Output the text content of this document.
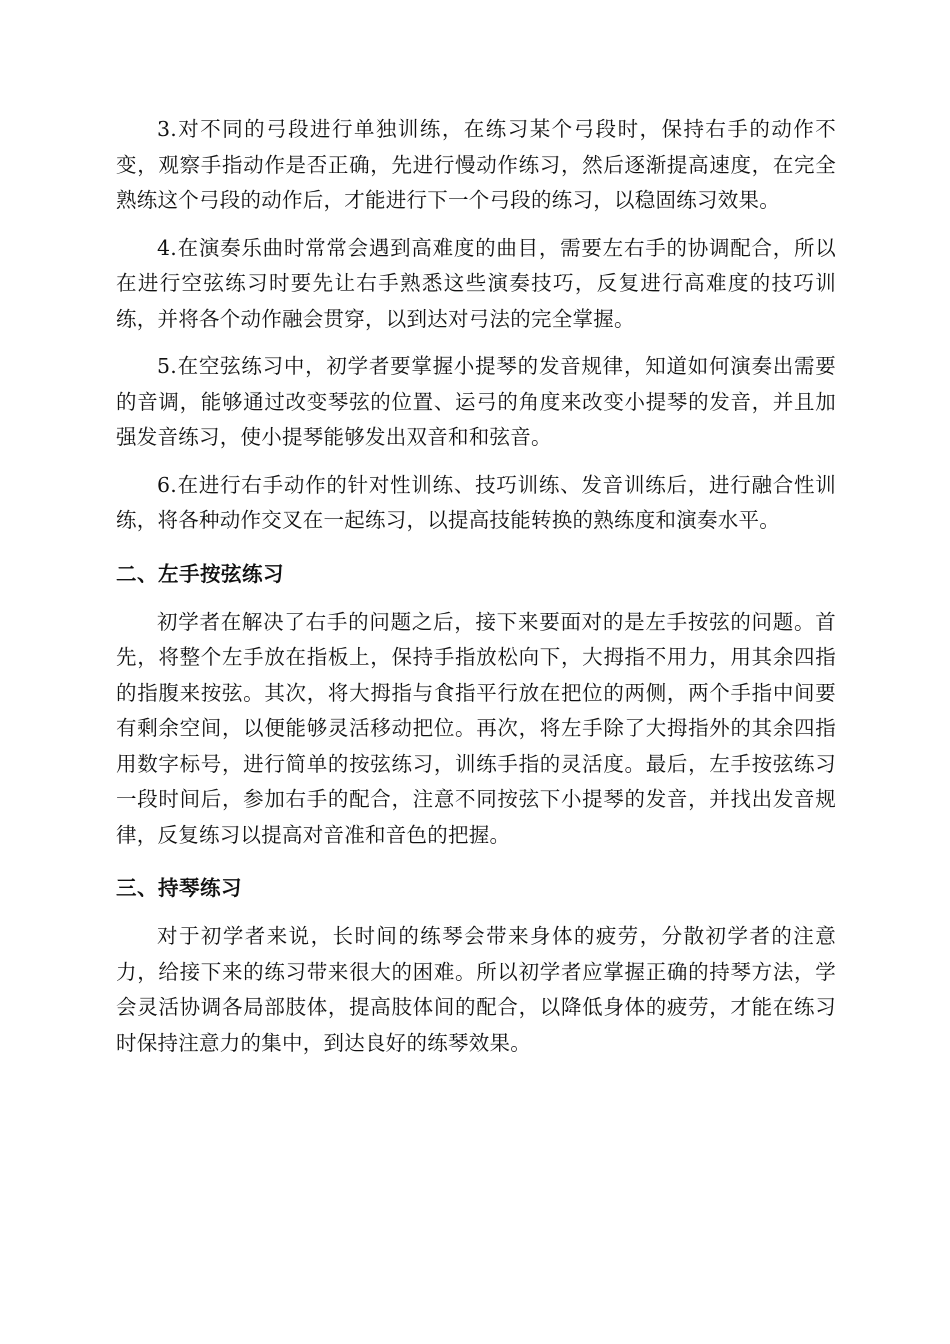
3.对不同的弓段进行单独训练，在练习某个弓段时，保持右手的动作不变，观察手指动作是否正确，先进行慢动作练习，然后逐渐提高速度，在完全熟练这个弓段的动作后，才能进行下一个弓段的练习，以稳固练习效果。

4.在演奏乐曲时常常会遇到高难度的曲目，需要左右手的协调配合，所以在进行空弦练习时要先让右手熟悉这些演奏技巧，反复进行高难度的技巧训练，并将各个动作融会贯穿，以到达对弓法的完全掌握。

5.在空弦练习中，初学者要掌握小提琴的发音规律，知道如何演奏出需要的音调，能够通过改变琴弦的位置、运弓的角度来改变小提琴的发音，并且加强发音练习，使小提琴能够发出双音和和弦音。

6.在进行右手动作的针对性训练、技巧训练、发音训练后，进行融合性训练，将各种动作交叉在一起练习，以提高技能转换的熟练度和演奏水平。

二、左手按弦练习

初学者在解决了右手的问题之后，接下来要面对的是左手按弦的问题。首先，将整个左手放在指板上，保持手指放松向下，大拇指不用力，用其余四指的指腹来按弦。其次，将大拇指与食指平行放在把位的两侧，两个手指中间要有剩余空间，以便能够灵活移动把位。再次，将左手除了大拇指外的其余四指用数字标号，进行简单的按弦练习，训练手指的灵活度。最后，左手按弦练习一段时间后，参加右手的配合，注意不同按弦下小提琴的发音，并找出发音规律，反复练习以提高对音准和音色的把握。

三、持琴练习

对于初学者来说，长时间的练琴会带来身体的疲劳，分散初学者的注意力，给接下来的练习带来很大的困难。所以初学者应掌握正确的持琴方法，学会灵活协调各局部肢体，提高肢体间的配合，以降低身体的疲劳，才能在练习时保持注意力的集中，到达良好的练琴效果。
